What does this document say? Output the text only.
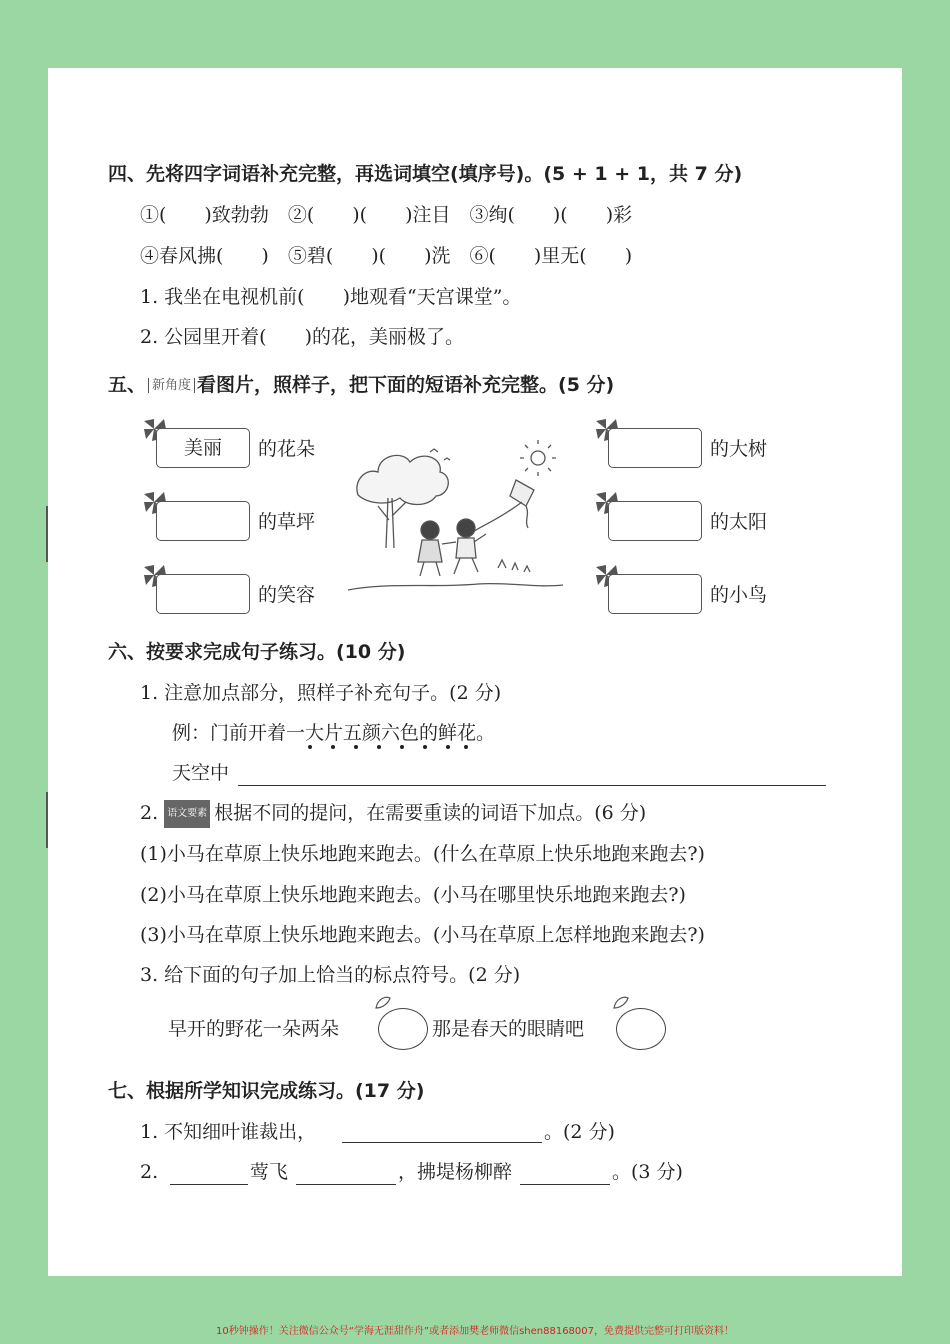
四、先将四字词语补充完整，再选词填空(填序号)。(5 + 1 + 1，共 7 分)
①(　　)致勃勃　②(　　)(　　)注目　③绚(　　)(　　)彩
④春风拂(　　)　⑤碧(　　)(　　)洗　⑥(　　)里无(　　)
1. 我坐在电视机前(　　)地观看“天宫课堂”。
2. 公园里开着(　　)的花，美丽极了。
五、 新角度 看图片，照样子，把下面的短语补充完整。(5 分)
美丽	的花朵
的草坪
的笑容
的大树
的太阳
的小鸟
六、按要求完成句子练习。(10 分)
1. 注意加点部分，照样子补充句子。(2 分)
例：门前开着一大片五颜六色的鲜花。
天空中
2. 语文要素 根据不同的提问，在需要重读的词语下加点。(6 分)
(1)小马在草原上快乐地跑来跑去。(什么在草原上快乐地跑来跑去?)
(2)小马在草原上快乐地跑来跑去。(小马在哪里快乐地跑来跑去?)
(3)小马在草原上快乐地跑来跑去。(小马在草原上怎样地跑来跑去?)
3. 给下面的句子加上恰当的标点符号。(2 分)
早开的野花一朵两朵	那是春天的眼睛吧
七、根据所学知识完成练习。(17 分)
1. 不知细叶谁裁出，	。(2 分)
2.	莺飞	，拂堤杨柳醉	。(3 分)
10秒钟操作！关注微信公众号“学海无涯甜作舟”或者添加樊老师微信shen88168007，免费提供完整可打印版资料！
